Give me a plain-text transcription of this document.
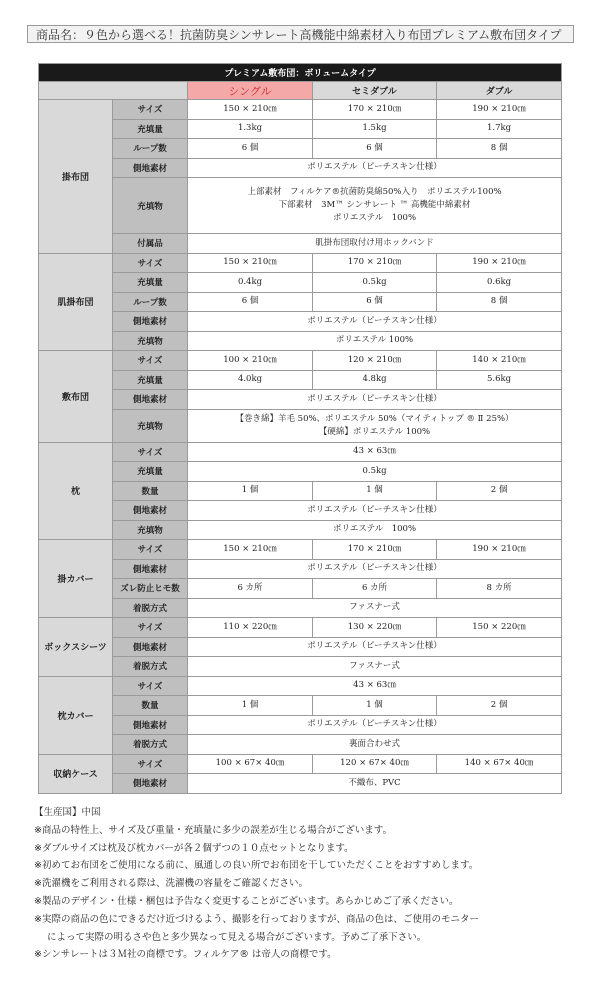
商品名：９色から選べる！抗菌防臭シンサレート高機能中綿素材入り布団プレミアム敷布団タイプ
プレミアム敷布団：ボリュームタイプ				
		シングル	セミダブル	ダブル
掛布団	サイズ	150 × 210㎝	170 × 210㎝	190 × 210㎝
	充填量	1.3kg	1.5kg	1.7kg
	ループ数	6 個	6 個	8 個
	側地素材	ポリエステル（ピーチスキン仕様）		
	充填物	上部素材　フィルケア®抗菌防臭綿50%入り　ポリエステル100%
下部素材　3M™ シンサレート ™ 高機能中綿素材
ポリエステル　100%		

	付属品	肌掛布団取付け用ホックバンド		
肌掛布団	サイズ	150 × 210㎝	170 × 210㎝	190 × 210㎝
	充填量	0.4kg	0.5kg	0.6kg
	ループ数	6 個	6 個	8 個
	側地素材	ポリエステル（ピーチスキン仕様）		
	充填物	ポリエステル 100%		
敷布団	サイズ	100 × 210㎝	120 × 210㎝	140 × 210㎝
	充填量	4.0kg	4.8kg	5.6kg
	側地素材	ポリエステル（ピーチスキン仕様）		
	充填物	【巻き綿】羊毛 50%、ポリエステル 50%（マイティトップ ® Ⅱ 25%）
【硬綿】ポリエステル 100%		

枕	サイズ	43 × 63㎝		
	充填量	0.5kg		
	数量	1 個	1 個	2 個
	側地素材	ポリエステル（ピーチスキン仕様）		
	充填物	ポリエステル　100%		
掛カバー	サイズ	150 × 210㎝	170 × 210㎝	190 × 210㎝
	側地素材	ポリエステル（ピーチスキン仕様）		
	ズレ防止ヒモ数	6 カ所	6 カ所	8 カ所
	着脱方式	ファスナー式		
ボックスシーツ	サイズ	110 × 220㎝	130 × 220㎝	150 × 220㎝
	側地素材	ポリエステル（ピーチスキン仕様）		
	着脱方式	ファスナー式		
枕カバー	サイズ	43 × 63㎝		
	数量	1 個	1 個	2 個
	側地素材	ポリエステル（ピーチスキン仕様）		
	着脱方式	裏面合わせ式		
収納ケース	サイズ	100 × 67× 40㎝	120 × 67× 40㎝	140 × 67× 40㎝
	側地素材	不織布、PVC		
【生産国】中国
※商品の特性上、サイズ及び重量・充填量に多少の誤差が生じる場合がございます。
※ダブルサイズは枕及び枕カバーが各２個ずつの１０点セットとなります。
※初めてお布団をご使用になる前に、風通しの良い所でお布団を干していただくことをおすすめします。
※洗濯機をご利用される際は、洗濯機の容量をご確認ください。
※製品のデザイン・仕様・梱包は予告なく変更することがございます。あらかじめご了承ください。
※実際の商品の色にできるだけ近づけるよう、撮影を行っておりますが、商品の色は、ご使用のモニター
によって実際の明るさや色と多少異なって見える場合がございます。予めご了承下さい。
※シンサレートは３Ｍ社の商標です。フィルケア® は帝人の商標です。
